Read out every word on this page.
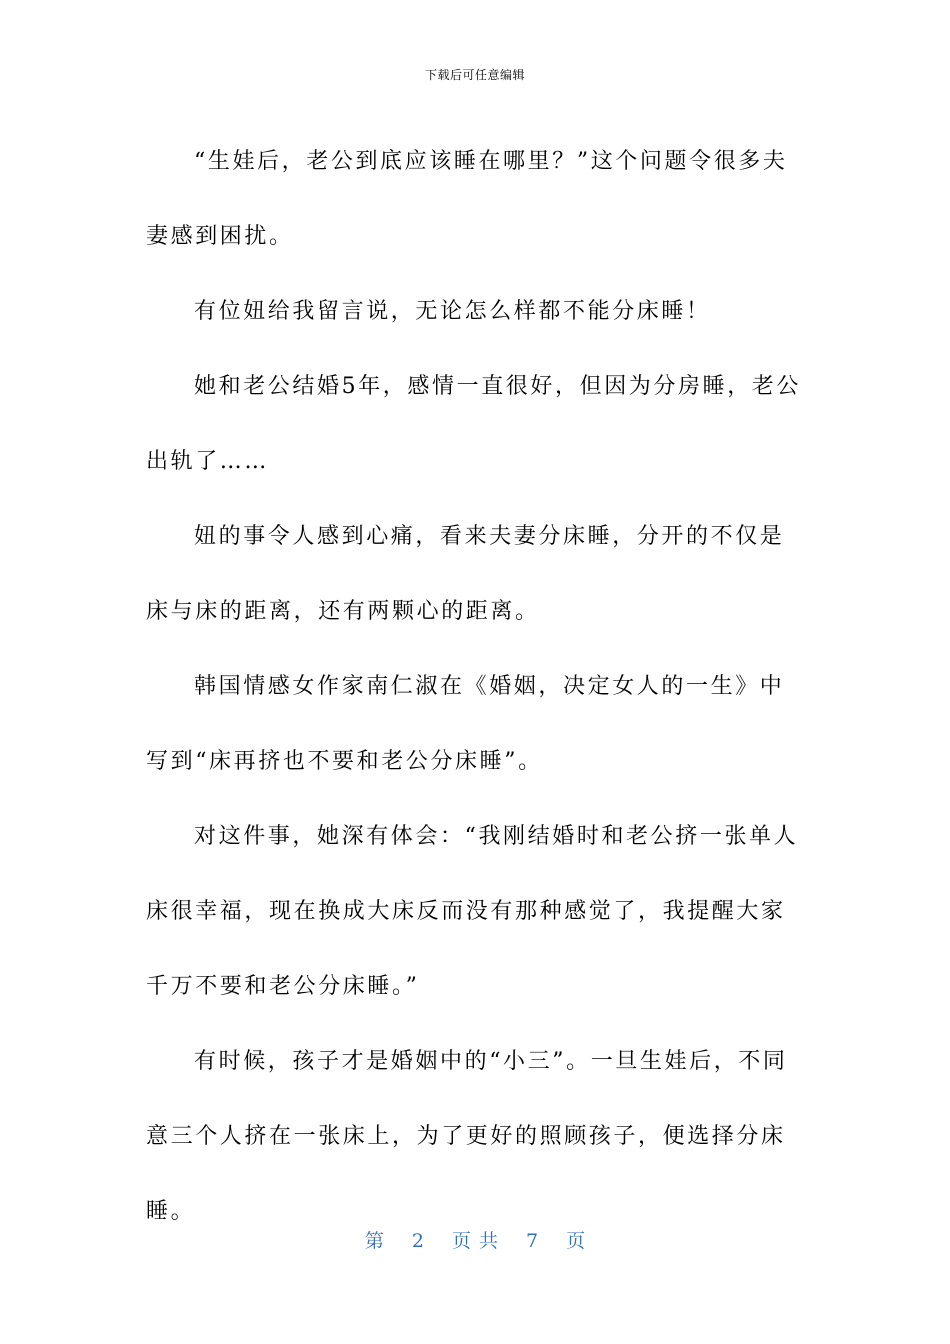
下载后可任意编辑

“生娃后，老公到底应该睡在哪里？”这个问题令很多夫妻感到困扰。

有位妞给我留言说，无论怎么样都不能分床睡！

她和老公结婚5年，感情一直很好，但因为分房睡，老公出轨了……

妞的事令人感到心痛，看来夫妻分床睡，分开的不仅是床与床的距离，还有两颗心的距离。

韩国情感女作家南仁淑在《婚姻，决定女人的一生》中写到“床再挤也不要和老公分床睡”。

对这件事，她深有体会：“我刚结婚时和老公挤一张单人床很幸福，现在换成大床反而没有那种感觉了，我提醒大家千万不要和老公分床睡。”

有时候，孩子才是婚姻中的“小三”。一旦生娃后，不同意三个人挤在一张床上，为了更好的照顾孩子，便选择分床睡。

第 2 页共 7 页
